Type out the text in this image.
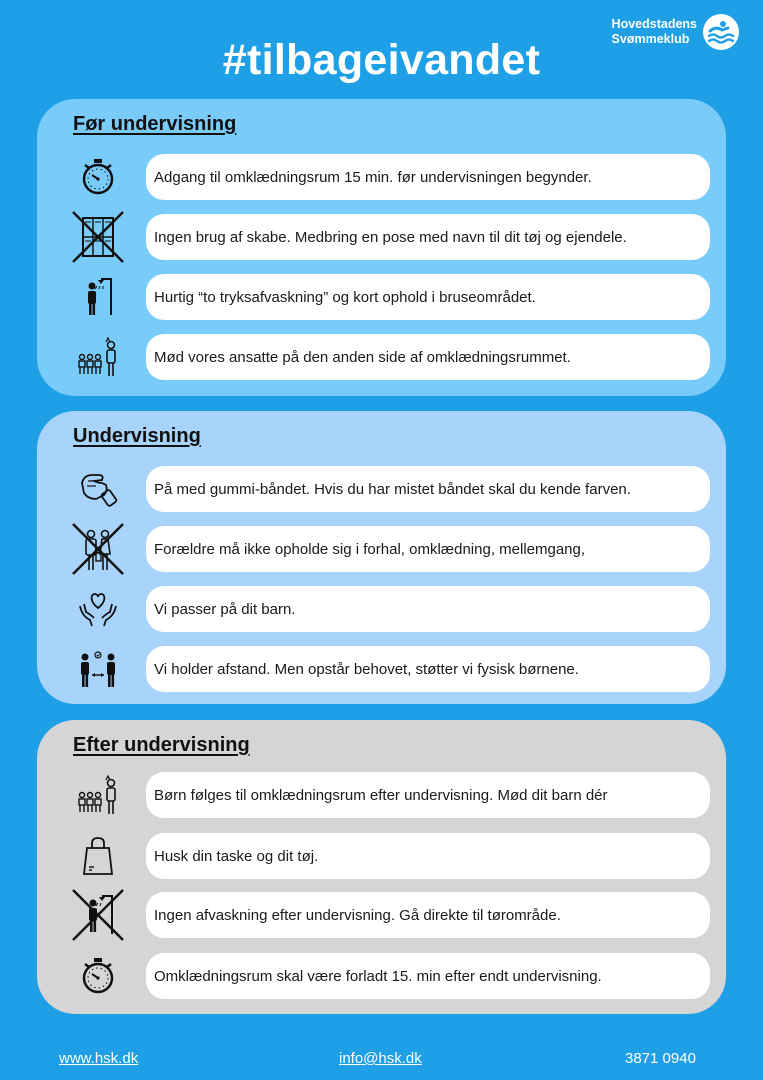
Hovedstadens
Svømmeklub
#tilbageivandet
Før undervisning
Adgang til omklædningsrum 15 min. før undervisningen begynder.
Ingen brug af skabe. Medbring en pose med navn til dit tøj og ejendele.
Hurtig “to tryksafvaskning” og kort ophold i bruseområdet.
Mød vores ansatte på den anden side af omklædningsrummet.
Undervisning
På med gummi-båndet. Hvis du har mistet båndet skal du kende farven.
Forældre må ikke opholde sig i forhal, omklædning, mellemgang,
Vi passer på dit barn.
Vi holder afstand. Men opstår behovet, støtter vi fysisk børnene.
Efter undervisning
Børn følges til omklædningsrum efter undervisning. Mød dit barn dér
Husk din taske og dit tøj.
Ingen afvaskning efter undervisning. Gå direkte til tørområde.
Omklædningsrum skal være forladt 15. min efter endt undervisning.
www.hsk.dk	info@hsk.dk	3871 0940
